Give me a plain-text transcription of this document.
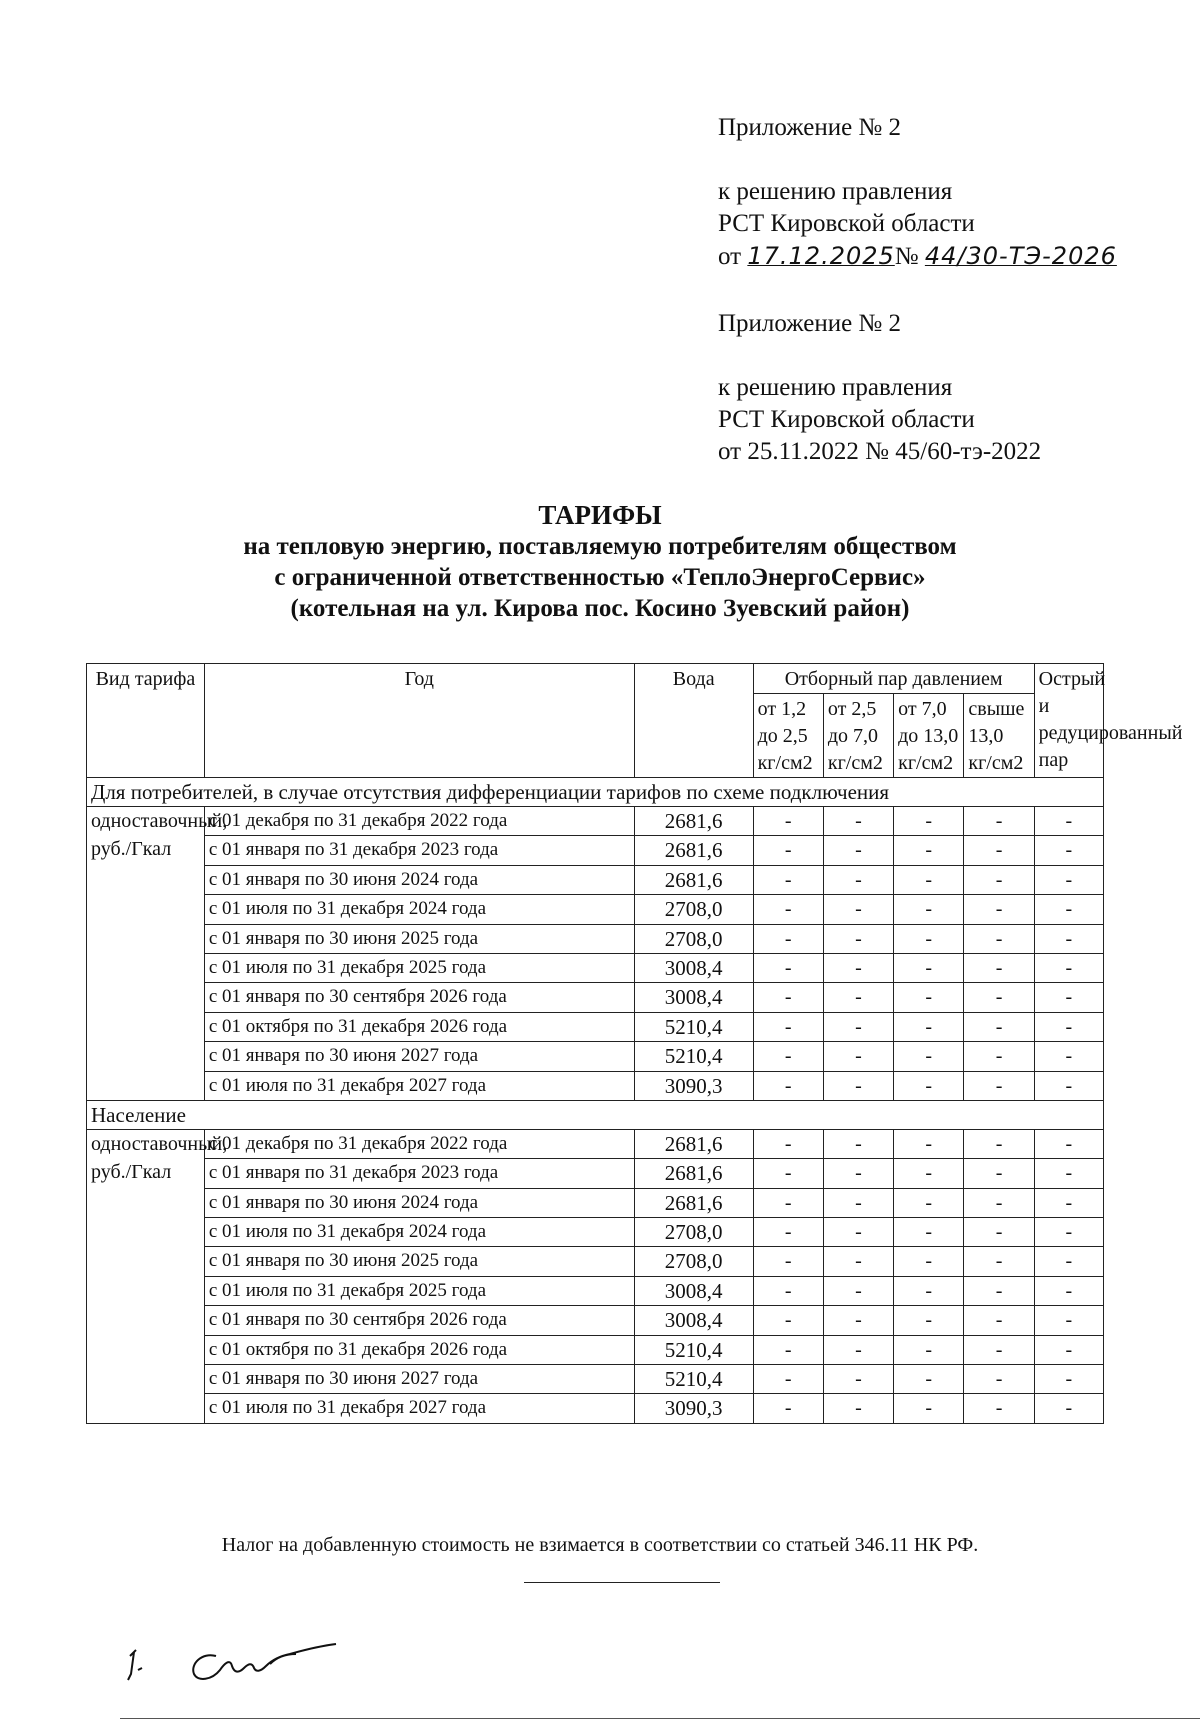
Приложение № 2
к решению правления
РСТ Кировской области
от 17.12.2025№ 44/30-ТЭ-2026
Приложение № 2
к решению правления
РСТ Кировской области
от 25.11.2022 № 45/60-тэ-2022
ТАРИФЫ
на тепловую энергию, поставляемую потребителям обществом
с ограниченной ответственностью «ТеплоЭнергоСервис»
(котельная на ул. Кирова пос. Косино Зуевский район)
Вид тарифа	Год	Вода	Отборный пар давлением				Острый и редуцированный пар
			от 1,2 до 2,5 кг/см2	от 2,5 до 7,0 кг/см2	от 7,0 до 13,0 кг/см2	свыше 13,0 кг/см2	
Для потребителей, в случае отсутствия дифференциации тарифов по схеме подключения							
одноставочный, руб./Гкал	с 01 декабря по 31 декабря 2022 года	2681,6	-	-	-	-	-
	с 01 января по 31 декабря 2023 года	2681,6	-	-	-	-	-
	с 01 января по 30 июня 2024 года	2681,6	-	-	-	-	-
	с 01 июля по 31 декабря 2024 года	2708,0	-	-	-	-	-
	с 01 января по 30 июня 2025 года	2708,0	-	-	-	-	-
	с 01 июля по 31 декабря 2025 года	3008,4	-	-	-	-	-
	с 01 января по 30 сентября 2026 года	3008,4	-	-	-	-	-
	с 01 октября по 31 декабря 2026 года	5210,4	-	-	-	-	-
	с 01 января по 30 июня 2027 года	5210,4	-	-	-	-	-
	с 01 июля по 31 декабря 2027 года	3090,3	-	-	-	-	-
Население							
одноставочный, руб./Гкал	с 01 декабря по 31 декабря 2022 года	2681,6	-	-	-	-	-
	с 01 января по 31 декабря 2023 года	2681,6	-	-	-	-	-
	с 01 января по 30 июня 2024 года	2681,6	-	-	-	-	-
	с 01 июля по 31 декабря 2024 года	2708,0	-	-	-	-	-
	с 01 января по 30 июня 2025 года	2708,0	-	-	-	-	-
	с 01 июля по 31 декабря 2025 года	3008,4	-	-	-	-	-
	с 01 января по 30 сентября 2026 года	3008,4	-	-	-	-	-
	с 01 октября по 31 декабря 2026 года	5210,4	-	-	-	-	-
	с 01 января по 30 июня 2027 года	5210,4	-	-	-	-	-
	с 01 июля по 31 декабря 2027 года	3090,3	-	-	-	-	-
Налог на добавленную стоимость не взимается в соответствии со статьей 346.11 НК РФ.
